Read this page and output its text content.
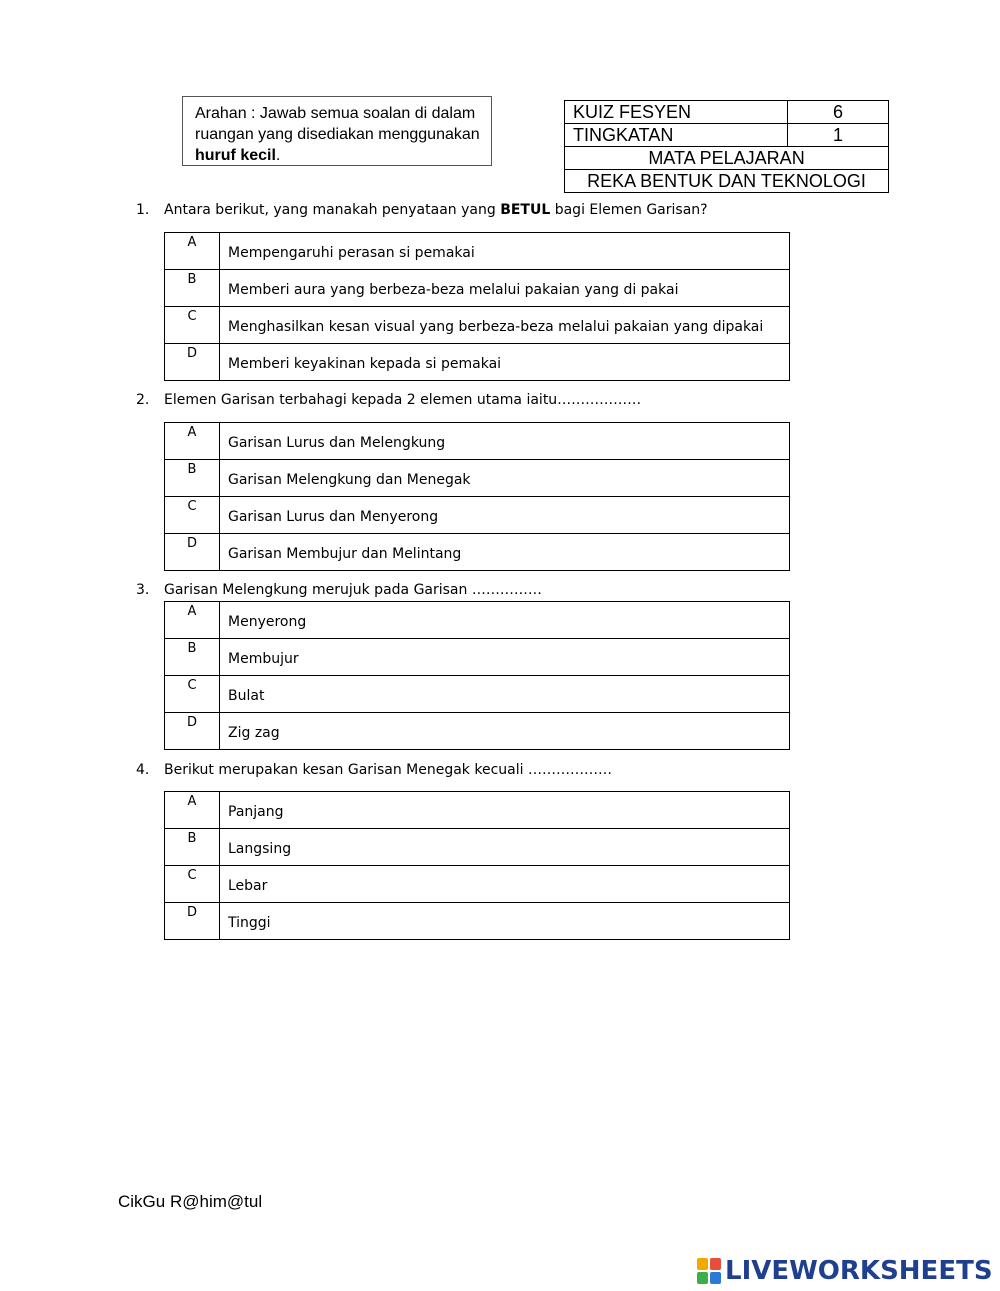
Arahan : Jawab semua soalan di dalam ruangan yang disediakan menggunakan huruf kecil.
KUIZ FESYEN	6
TINGKATAN	1
MATA PELAJARAN	
REKA BENTUK DAN TEKNOLOGI	
1. Antara berikut, yang manakah penyataan yang BETUL bagi Elemen Garisan?
A	Mempengaruhi perasan si pemakai
B	Memberi aura yang berbeza-beza melalui pakaian yang di pakai
C	Menghasilkan kesan visual yang berbeza-beza melalui pakaian yang dipakai
D	Memberi keyakinan kepada si pemakai
2. Elemen Garisan terbahagi kepada 2 elemen utama iaitu………………
A	Garisan Lurus dan Melengkung
B	Garisan Melengkung dan Menegak
C	Garisan Lurus dan Menyerong
D	Garisan Membujur dan Melintang
3. Garisan Melengkung merujuk pada Garisan ……………
A	Menyerong
B	Membujur
C	Bulat
D	Zig zag
4. Berikut merupakan kesan Garisan Menegak kecuali ………………
A	Panjang
B	Langsing
C	Lebar
D	Tinggi
CikGu R@him@tul
LIVEWORKSHEETS
